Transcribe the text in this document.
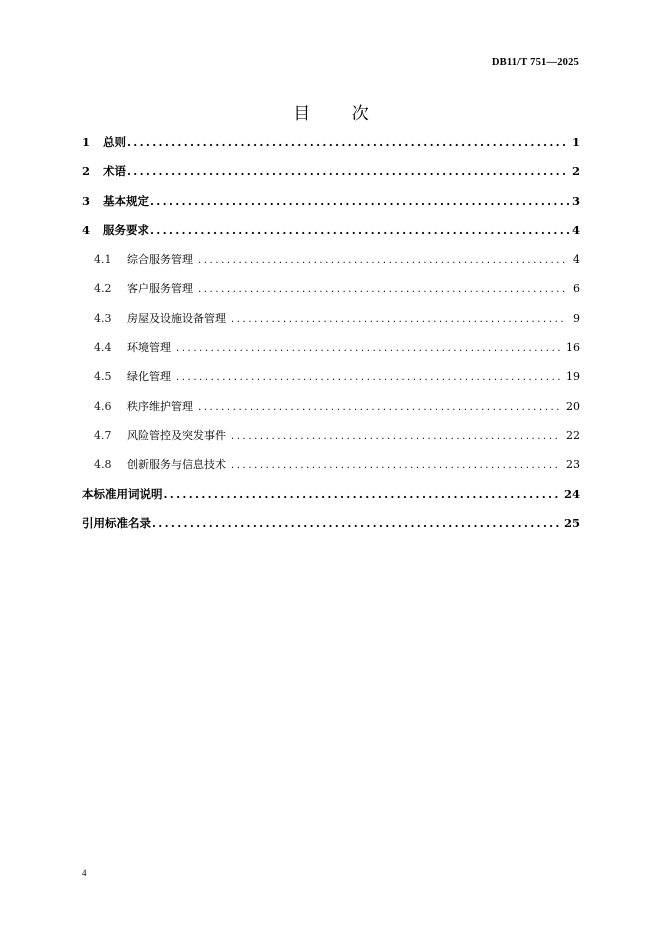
DB11/T 751—2025
目 次
1	总则 .....	1
2	术语 .....	2
3	基本规定 .....	3
4	服务要求 .....	4
4.1	综合服务管理 .....	4
4.2	客户服务管理 .....	6
4.3	房屋及设施设备管理 .....	9
4.4	环境管理 .....	16
4.5	绿化管理 .....	19
4.6	秩序维护管理 .....	20
4.7	风险管控及突发事件 .....	22
4.8	创新服务与信息技术 .....	23
本标准用词说明 .....	24
引用标准名录 .....	25
4
